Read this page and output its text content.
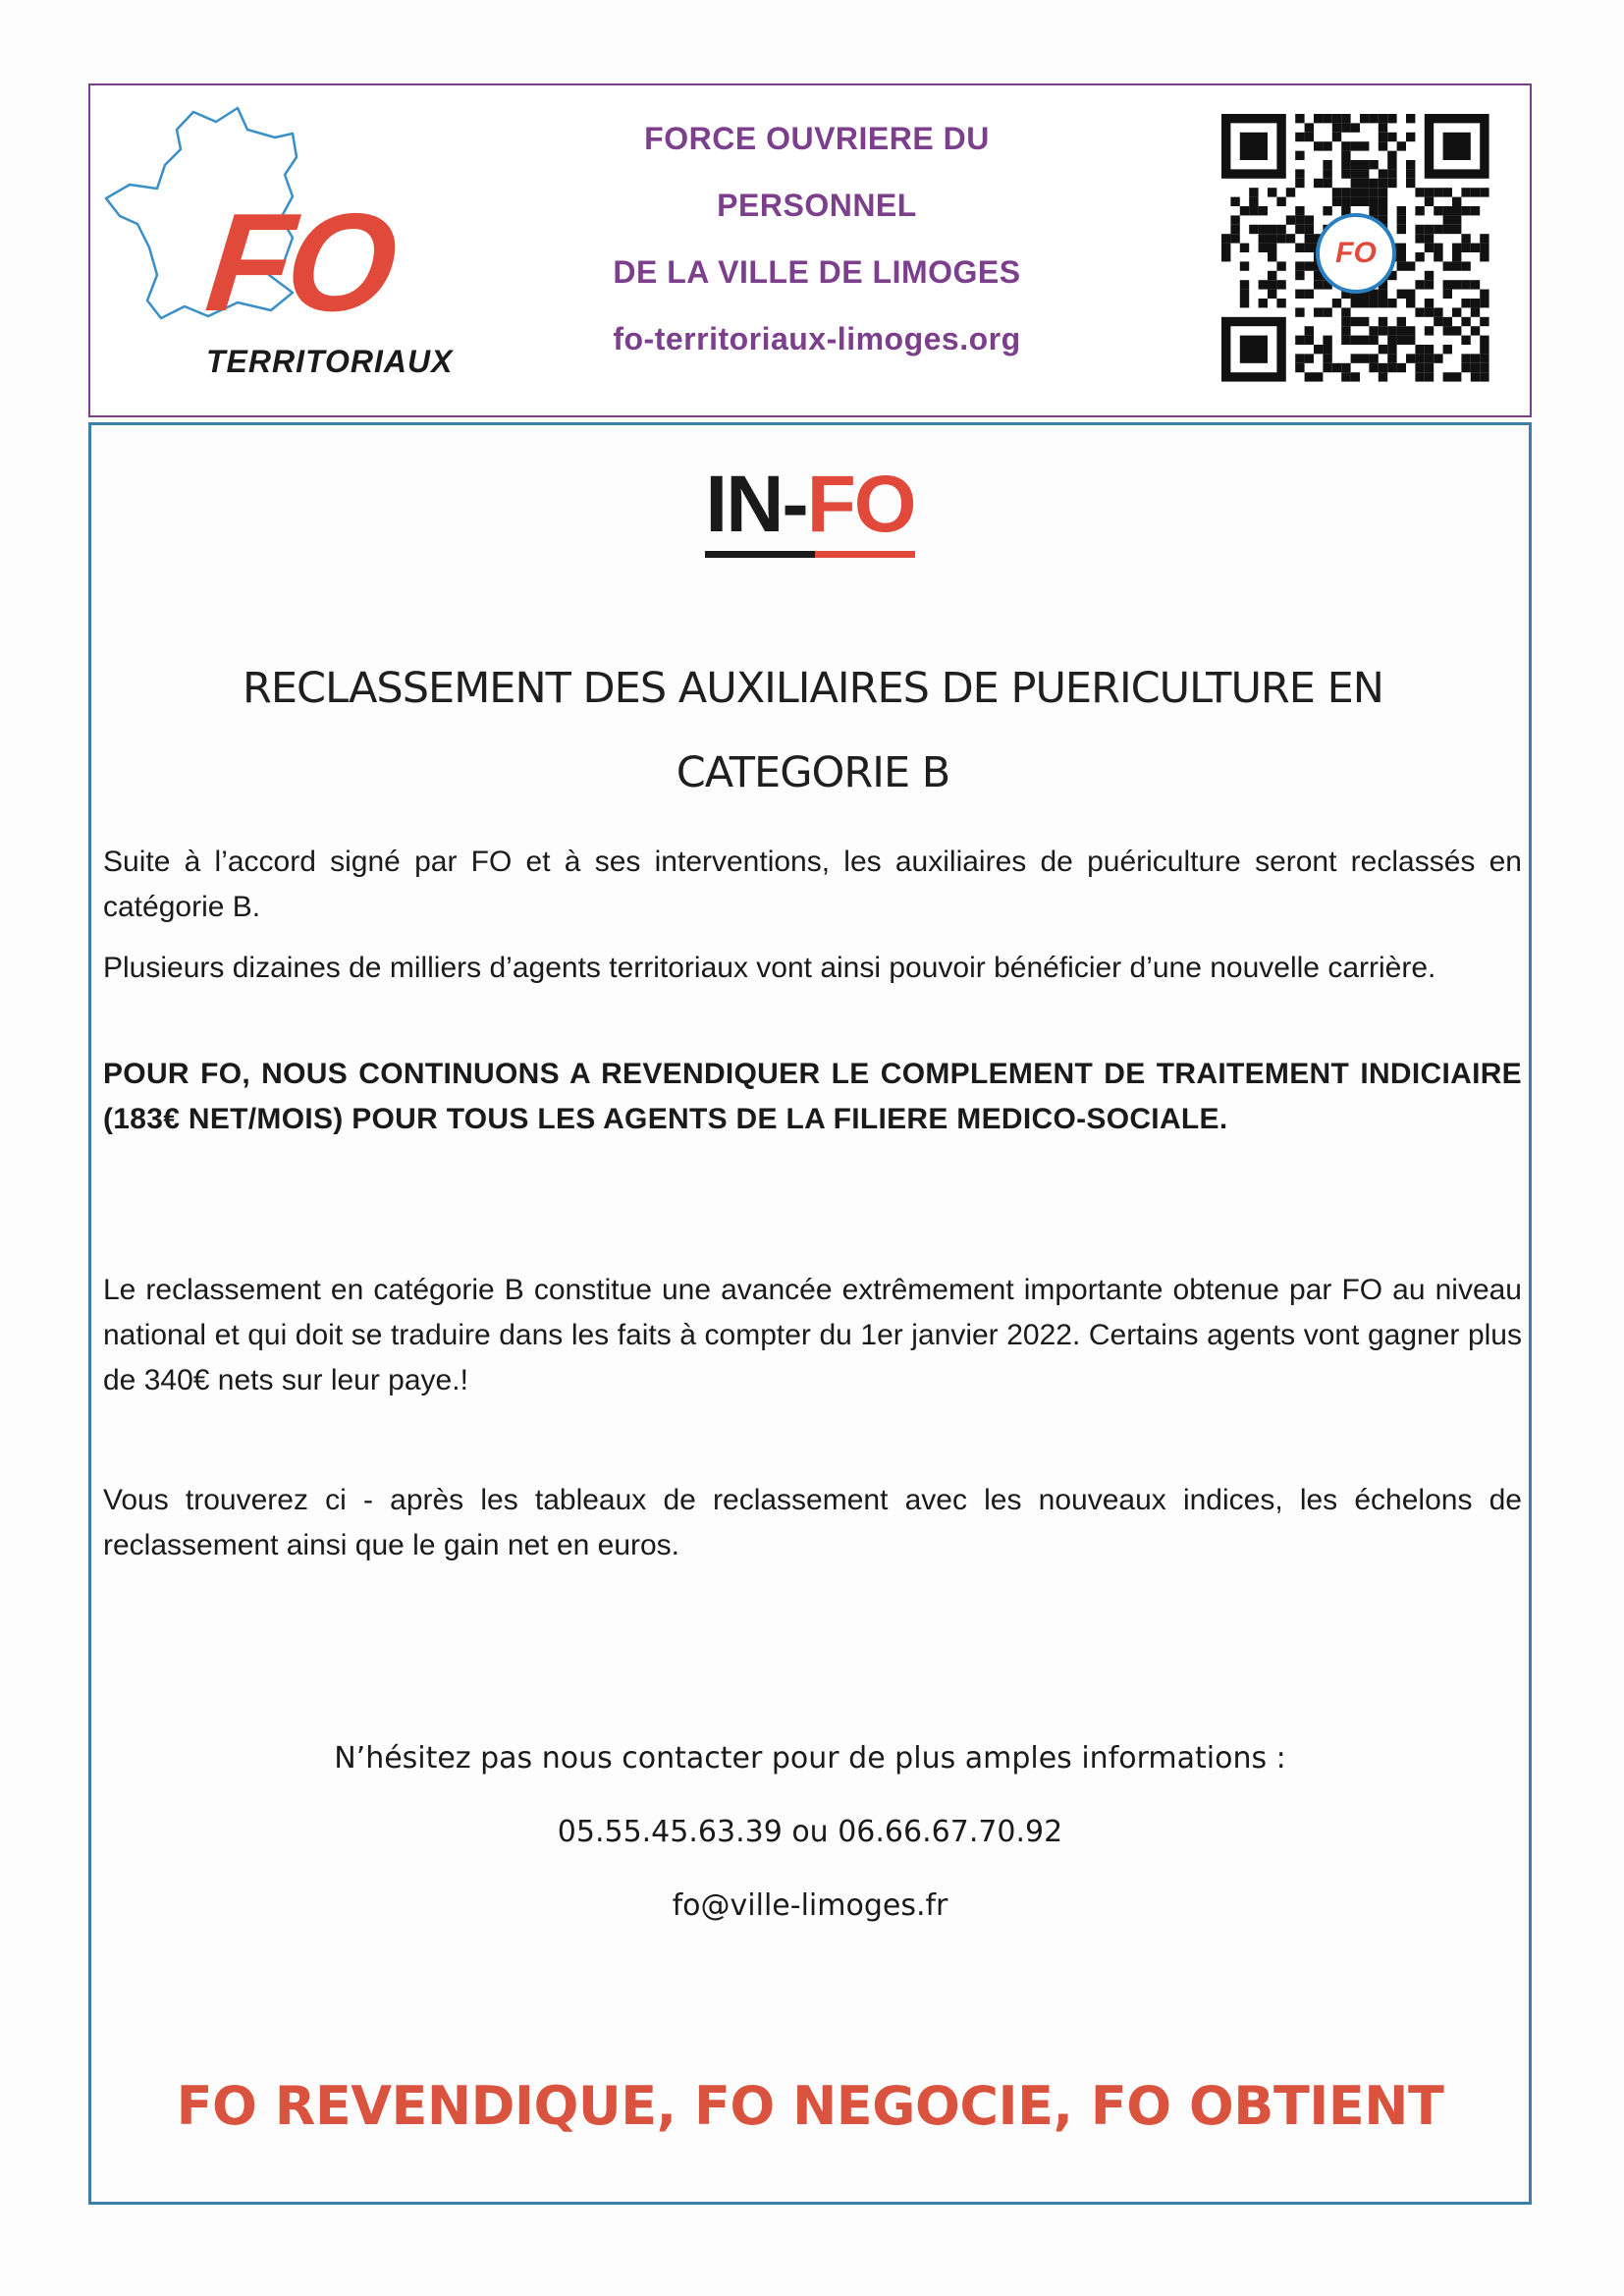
FO
TERRITORIAUX
FORCE OUVRIERE DU
PERSONNEL
DE LA VILLE DE LIMOGES
fo-territoriaux-limoges.org
FO
IN-FO
RECLASSEMENT DES AUXILIAIRES DE PUERICULTURE EN
CATEGORIE B
Suite à l’accord signé par FO et à ses interventions, les auxiliaires de puériculture seront reclassés en catégorie B.
Plusieurs dizaines de milliers d’agents territoriaux vont ainsi pouvoir bénéficier d’une nouvelle carrière.
POUR FO, NOUS CONTINUONS A REVENDIQUER LE COMPLEMENT DE TRAITEMENT INDICIAIRE (183€ NET/MOIS) POUR TOUS LES AGENTS DE LA FILIERE MEDICO-SOCIALE.
Le reclassement en catégorie B constitue une avancée extrêmement importante obtenue par FO au niveau national et qui doit se traduire dans les faits à compter du 1er janvier 2022. Certains agents vont gagner plus de 340€ nets sur leur paye.!
Vous trouverez ci - après les tableaux de reclassement avec les nouveaux indices, les échelons de reclassement ainsi que le gain net en euros.
N’hésitez pas nous contacter pour de plus amples informations :
05.55.45.63.39 ou 06.66.67.70.92
fo@ville-limoges.fr
FO REVENDIQUE, FO NEGOCIE, FO OBTIENT
